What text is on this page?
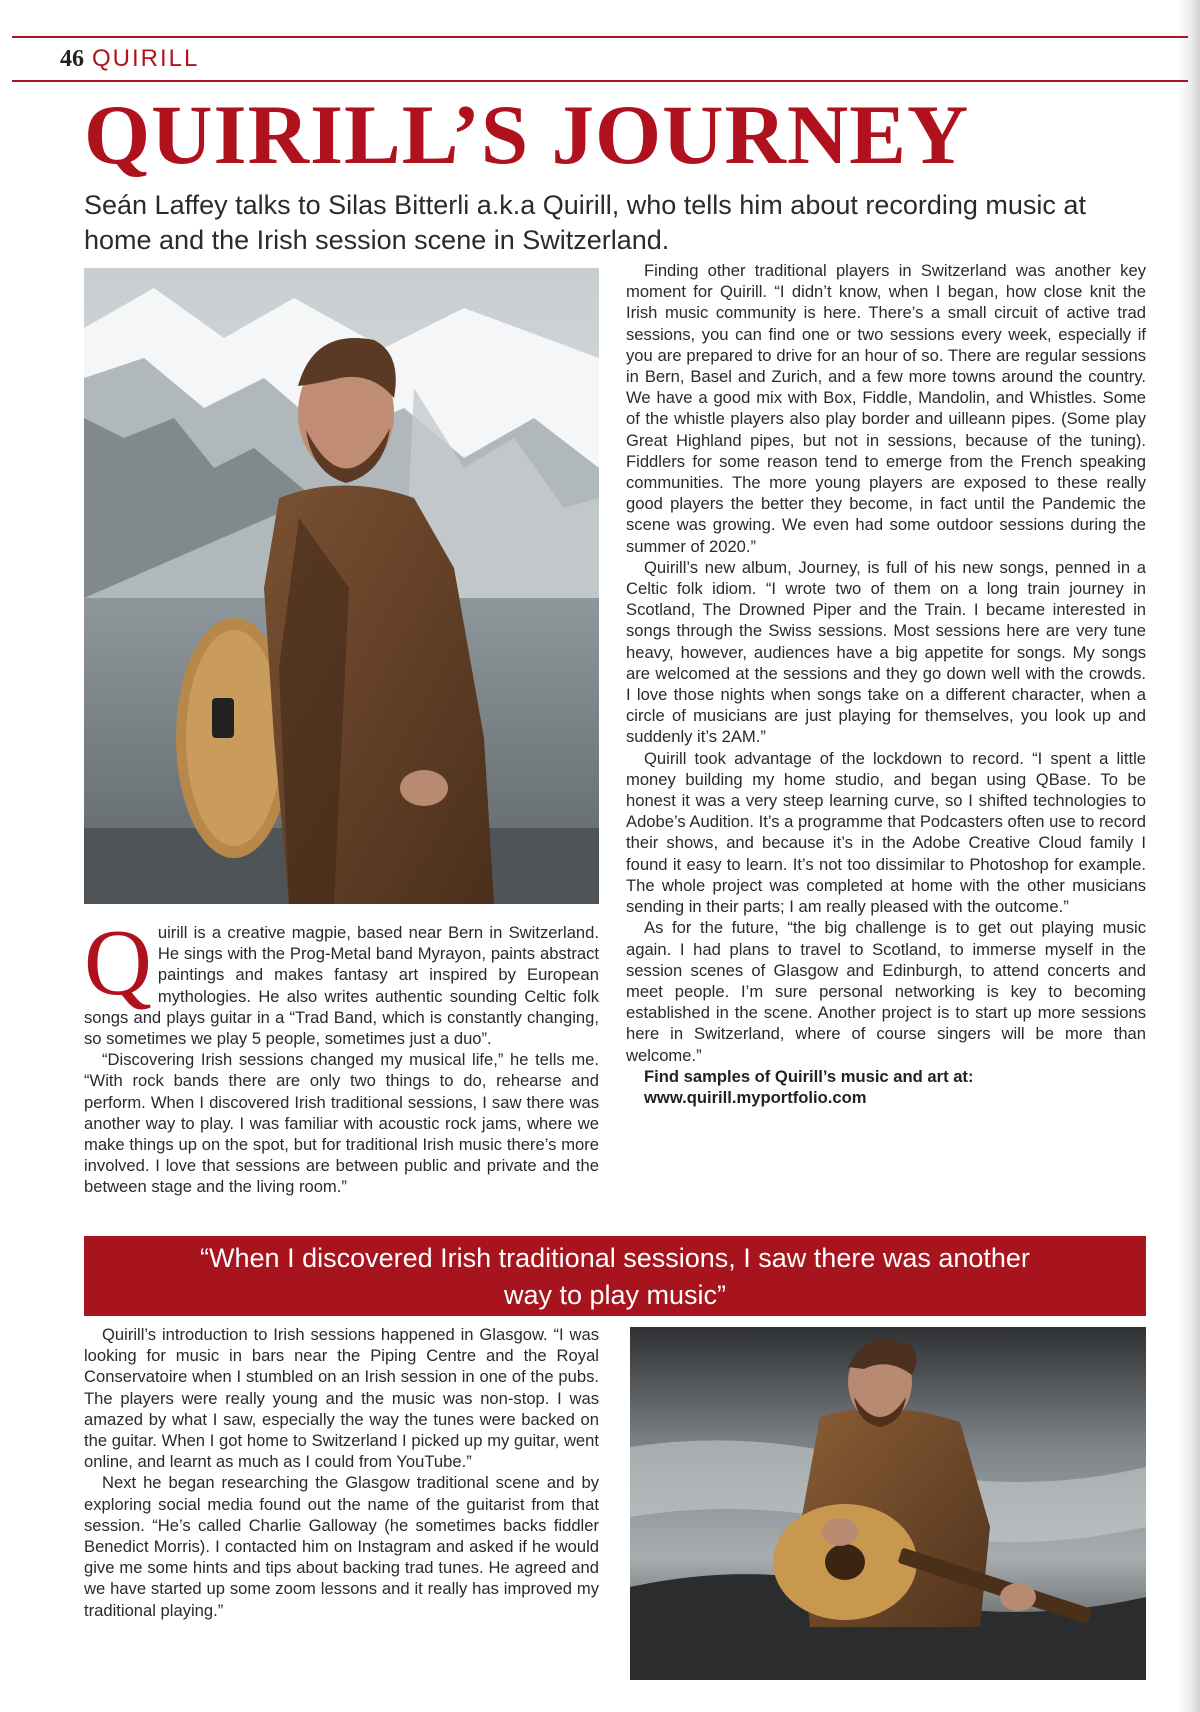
46 QUIRILL
QUIRILL’S JOURNEY
Seán Laffey talks to Silas Bitterli a.k.a Quirill, who tells him about recording music at home and the Irish session scene in Switzerland.

Finding other traditional players in Switzerland was another key moment for Quirill. “I didn’t know, when I began, how close knit the Irish music community is here. There’s a small circuit of active trad sessions, you can find one or two sessions every week, especially if you are prepared to drive for an hour of so. There are regular sessions in Bern, Basel and Zurich, and a few more towns around the country. We have a good mix with Box, Fiddle, Mandolin, and Whistles. Some of the whistle players also play border and uilleann pipes. (Some play Great Highland pipes, but not in sessions, because of the tuning). Fiddlers for some reason tend to emerge from the French speaking communities. The more young players are exposed to these really good players the better they become, in fact until the Pandemic the scene was growing. We even had some outdoor sessions during the summer of 2020.”

Quirill’s new album, Journey, is full of his new songs, penned in a Celtic folk idiom. “I wrote two of them on a long train journey in Scotland, The Drowned Piper and the Train. I became interested in songs through the Swiss sessions. Most sessions here are very tune heavy, however, audiences have a big appetite for songs. My songs are welcomed at the sessions and they go down well with the crowds. I love those nights when songs take on a different character, when a circle of musicians are just playing for themselves, you look up and suddenly it’s 2AM.”

Quirill took advantage of the lockdown to record. “I spent a little money building my home studio, and began using QBase. To be honest it was a very steep learning curve, so I shifted technologies to Adobe’s Audition. It’s a programme that Podcasters often use to record their shows, and because it’s in the Adobe Creative Cloud family I found it easy to learn. It’s not too dissimilar to Photoshop for example. The whole project was completed at home with the other musicians sending in their parts; I am really pleased with the outcome.”

As for the future, “the big challenge is to get out playing music again. I had plans to travel to Scotland, to immerse myself in the session scenes of Glasgow and Edinburgh, to attend concerts and meet people. I’m sure personal networking is key to becoming established in the scene. Another project is to start up more sessions here in Switzerland, where of course singers will be more than welcome.”

Find samples of Quirill’s music and art at:

www.quirill.myportfolio.com

Quirill is a creative magpie, based near Bern in Switzerland. He sings with the Prog-Metal band Myrayon, paints abstract paintings and makes fantasy art inspired by European mythologies. He also writes authentic sounding Celtic folk songs and plays guitar in a “Trad Band, which is constantly changing, so sometimes we play 5 people, sometimes just a duo”.

“Discovering Irish sessions changed my musical life,” he tells me. “With rock bands there are only two things to do, rehearse and perform. When I discovered Irish traditional sessions, I saw there was another way to play. I was familiar with acoustic rock jams, where we make things up on the spot, but for traditional Irish music there’s more involved. I love that sessions are between public and private and the between stage and the living room.”

“When I discovered Irish traditional sessions, I saw there was another way to play music”

Quirill’s introduction to Irish sessions happened in Glasgow. “I was looking for music in bars near the Piping Centre and the Royal Conservatoire when I stumbled on an Irish session in one of the pubs. The players were really young and the music was non-stop. I was amazed by what I saw, especially the way the tunes were backed on the guitar. When I got home to Switzerland I picked up my guitar, went online, and learnt as much as I could from YouTube.”

Next he began researching the Glasgow traditional scene and by exploring social media found out the name of the guitarist from that session. “He’s called Charlie Galloway (he sometimes backs fiddler Benedict Morris). I contacted him on Instagram and asked if he would give me some hints and tips about backing trad tunes. He agreed and we have started up some zoom lessons and it really has improved my traditional playing.”
